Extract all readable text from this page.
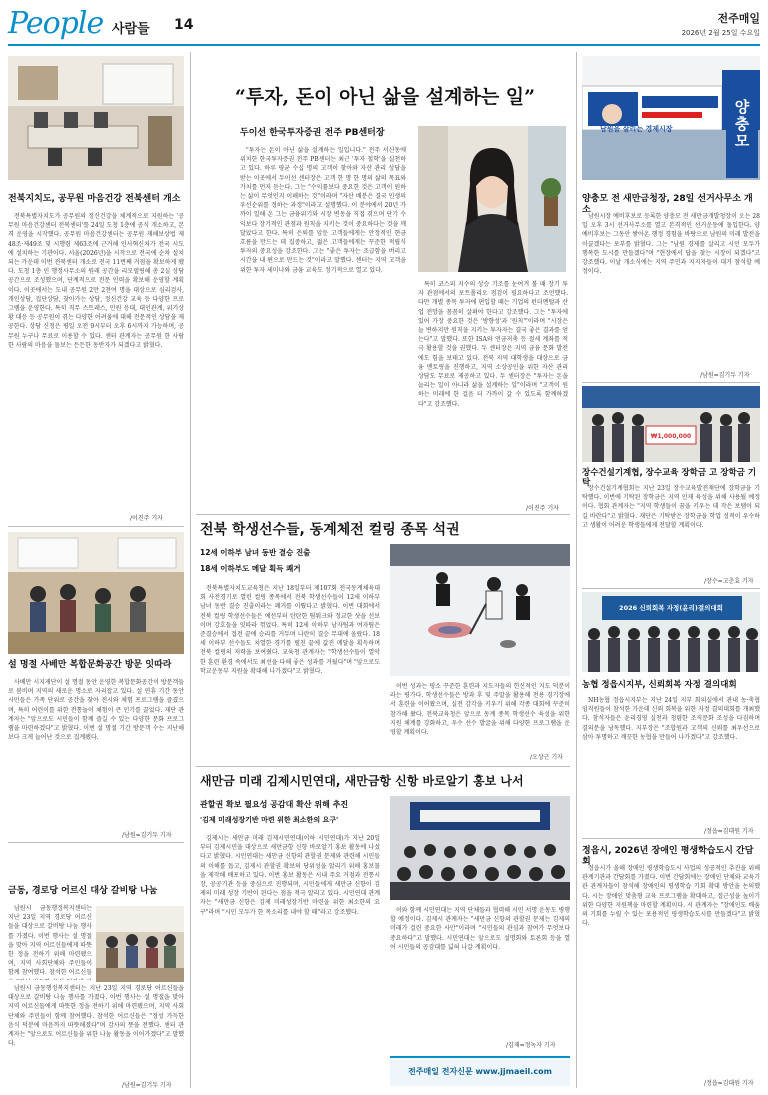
People 사람들 14	전주매일
2026년 2월 25일 수요일
전북지치도, 공무원 마음건강 전북센터 개소

전북특별자치도가 공무원의 정신건강을 체계적으로 지원하는 '공무원 마음건강센터 전북센터'를 24일 도청 1층에 공식 개소하고, 본격 운영을 시작했다. 공무원 마음건강센터는 공무원 재해보상법 제48조·제49조 및 시행령 제63조에 근거해 인사혁신처가 전국 시도에 설치하는 기관이다. 서울(2026년)을 시작으로 전국에 순차 설치되는 가운데 이번 전북센터 개소로 전국 11번째 거점을 확보하게 됐다. 도청 1층 인 행정사무소의 원래 공간을 리모델링해 총 2실 상담공간으로 조성했으며, 단계적으로 전문 인력을 확보해 운영할 계획이다. 이곳에서는 도내 공무원 2만 2천여 명을 대상으로 심리검사, 개인상담, 집단상담, 찾아가는 상담, 정신건강 교육 등 다양한 프로그램을 운영한다. 특히 직무 스트레스, 민원 응대, 대인관계, 위기상황 대응 등 공무원이 겪는 다양한 어려움에 대해 전문적인 상담을 제공한다. 상담 신청은 평일 오전 9시부터 오후 6시까지 가능하며, 공무원 누구나 무료로 이용할 수 있다. 센터 관계자는 공무원 한 사람 한 사람의 마음을 돌보는 든든한 동반자가 되겠다고 밝혔다.

/이진주 기자
설 명절 사베만 복합문화공간 방문 잇따라

사베만 시지재단이 설 명절 동안 운영한 복합문화공간이 방문객들로 붐비며 지역의 새로운 명소로 자리잡고 있다. 설 연휴 기간 동안 시민들은 가족 단위로 공간을 찾아 전시와 체험 프로그램을 즐겼으며, 특히 어린이를 위한 전통놀이 체험이 큰 인기를 끌었다. 재단 관계자는 "앞으로도 시민들이 함께 즐길 수 있는 다양한 문화 프로그램을 마련하겠다"고 밝혔다. 이번 설 명절 기간 방문객 수는 지난해보다 크게 늘어난 것으로 집계됐다.

/남원=김기두 기자
금동, 경로당 어르신 대상 갈비탕 나눔

남원시 금동행정복지센터는 지난 23일 지역 경로당 어르신들을 대상으로 갈비탕 나눔 행사를 가졌다. 이번 행사는 설 명절을 맞아 지역 어르신들에게 따뜻한 정을 전하기 위해 마련됐으며, 지역 사회단체와 주민들이 함께 참여했다. 참석한 어르신들

남원시 금동행정복지센터는 지난 23일 지역 경로당 어르신들을 대상으로 갈비탕 나눔 행사를 가졌다. 이번 행사는 설 명절을 맞아 지역 어르신들에게 따뜻한 정을 전하기 위해 마련됐으며, 지역 사회단체와 주민들이 함께 참여했다. 참석한 어르신들은 "정성 가득한 음식 덕분에 마음까지 따뜻해졌다"며 감사의 뜻을 전했다. 센터 관계자는 "앞으로도 어르신들을 위한 나눔 활동을 이어가겠다"고 말했다.

/남원=김기두 기자
“투자, 돈이 아닌 삶을 설계하는 일”
두이선 한국투자증권 전주 PB센터장

"투자는 돈이 아닌 삶을 설계하는 일입니다." 전주 서신동에 위치한 한국투자증권 전주 PB센터는 최근 '투자 철학'을 실천하고 있다. 하루 평균 수십 명의 고객이 찾아와 자산 관리 상담을 받는 이곳에서 두이선 센터장은 고객 한 명 한 명의 삶의 목표와 가치를 먼저 듣는다. 그는 "수익률보다 중요한 것은 고객이 원하는 삶이 무엇인지 이해하는 것"이라며 "자산 배분은 결국 인생의 우선순위를 정하는 과정"이라고 설명했다. 이 분야에서 20년 가까이 일해 온 그는 금융위기와 시장 변동을 직접 겪으며 단기 수익보다 장기적인 관점과 원칙을 지키는 것이 중요하다는 것을 깨달았다고 한다. 특히 은퇴를 앞둔 고객들에게는 안정적인 현금 흐름을 만드는 데 집중하고, 젊은 고객들에게는 꾸준한 적립식 투자의 중요성을 강조한다. 그는 "좋은 투자는 조급함을 버리고 시간을 내 편으로 만드는 것"이라고 말했다. 센터는 지역 고객을 위한 투자 세미나와 금융 교육도 정기적으로 열고 있다.

특히 코스피 지수의 상승 기조를 눈여겨 볼 때 장기 투자 관점에서의 포트폴리오 점검이 필요하다고 조언했다. 다만 개별 종목 투자에 편입할 때는 기업의 펀더멘털과 산업 전망을 꼼꼼히 살펴야 한다고 강조했다. 그는 "투자에 있어 가장 중요한 것은 '방향성'과 '원칙'"이라며 "시장은 늘 변하지만 원칙을 지키는 투자자는 결국 좋은 결과를 얻는다"고 말했다. 또한 ISA와 연금저축 등 절세 계좌를 적극 활용할 것을 권했다. 두 센터장은 지역 금융 문화 발전에도 힘을 보태고 있다. 전북 지역 대학생을 대상으로 금융 멘토링을 진행하고, 지역 소상공인을 위한 자산 관리 상담도 무료로 제공하고 있다. 두 센터장은 "투자는 돈을 늘리는 일이 아니라 삶을 설계하는 일"이라며 "고객이 원하는 미래에 한 걸음 더 가까이 갈 수 있도록 함께하겠다"고 강조했다.

/이진주 기자
전북 학생선수들, 동계체전 컬링 종목 석권
12세 이하부 남녀 동반 결승 진출
18세 이하부도 메달 획득 쾌거

전북특별자치도교육청은 지난 18일부터 제107회 전국동계체육대회 사전경기로 열린 컬링 종목에서 전북 학생선수들이 12세 이하부 남녀 동반 결승 진출이라는 쾌거를 이뤘다고 밝혔다. 이번 대회에서 전북 컬링 학생선수들은 예선부터 탄탄한 팀워크와 정교한 샷을 선보이며 강호들을 잇따라 꺾었다. 특히 12세 이하부 남자팀과 여자팀은 준결승에서 접전 끝에 승리를 거두며 나란히 결승 무대에 올랐다. 18세 이하부 선수들도 치열한 경기를 펼친 끝에 값진 메달을 획득하며 전북 컬링의 저력을 보여줬다. 교육청 관계자는 "학생선수들이 열악한 훈련 환경 속에서도 최선을 다해 좋은 성과를 거뒀다"며 "앞으로도 학교운동부 지원을 확대해 나가겠다"고 밝혔다.

이번 성과는 평소 꾸준한 훈련과 지도자들의 헌신적인 지도 덕분이라는 평가다. 학생선수들은 방과 후 및 주말을 활용해 전용 경기장에서 훈련을 이어왔으며, 실전 감각을 키우기 위해 각종 대회에 꾸준히 참가해 왔다. 전북교육청은 앞으로 동계 종목 학생선수 육성을 위한 지원 체계를 강화하고, 우수 선수 발굴을 위해 다양한 프로그램을 운영할 계획이다.

/오상근 기자
새만금 미래 김제시민연대, 새만금항 신항 바로알기 홍보 나서
관할권 확보 필요성 공감대 확산 위해 추진
'김제 미래성장기반 마련 위한 최소한의 요구'

김제시는 새만금 미래 김제시민연대(이하 시민연대)가 지난 20일부터 김제시민을 대상으로 새만금항 신항 바로알기 홍보 활동에 나섰다고 밝혔다. 시민연대는 새만금 신항의 관할권 문제와 관련해 시민들의 이해를 돕고, 김제시 관할권 확보의 당위성을 알리기 위해 홍보물을 제작해 배포하고 있다. 이번 홍보 활동은 시내 주요 거점과 전통시장, 공공기관 등을 중심으로 진행되며, 시민들에게 새만금 신항이 김제의 미래 성장 기반이 된다는 점을 적극 알리고 있다. 시민연대 관계자는 "새만금 신항은 김제 미래성장기반 마련을 위한 최소한의 요구"라며 "시민 모두가 한 목소리를 내야 할 때"라고 강조했다.	이와 함께 시민연대는 지역 단체들과 협력해 시민 서명 운동도 병행할 예정이다. 김제시 관계자는 "새만금 신항의 관할권 문제는 김제의 미래가 걸린 중요한 사안"이라며 "시민들의 관심과 참여가 무엇보다 중요하다"고 말했다. 시민연대는 앞으로도 설명회와 토론회 등을 열어 시민들의 공감대를 넓혀 나갈 계획이다.

/김제=정녹자 기자
전주매일 전자신문 www.jjmaeil.com
양충모
남원을 살리는 경제시장
양충모 전 새만금청장, 28일 선거사무소 개소

남원시장 예비후보로 등록한 양충모 전 새만금개발청장이 오는 28일 오후 3시 선거사무소를 열고 본격적인 선거운동에 돌입한다. 양 예비후보는 그동안 쌓아온 행정 경험을 바탕으로 남원의 미래 발전을 이끌겠다는 포부를 밝혔다. 그는 "남원 경제를 살리고 시민 모두가 행복한 도시를 만들겠다"며 "현장에서 답을 찾는 시장이 되겠다"고 강조했다. 이날 개소식에는 지역 주민과 지지자들이 대거 참석할 예정이다.

/남원=김기두 기자
₩1,000,000
장수건설기계협, 장수교육 장학금 고 장학금 기탁

장수건설기계협회는 지난 23일 장수교육발전재단에 장학금을 기탁했다. 이번에 기탁된 장학금은 지역 인재 육성을 위해 사용될 예정이다. 협회 관계자는 "지역 학생들이 꿈을 키우는 데 작은 보탬이 되길 바란다"고 밝혔다. 재단은 기탁받은 장학금을 학업 성적이 우수하고 생활이 어려운 학생들에게 전달할 계획이다.

/장수=고춘효 기자
2026 신뢰회복 자정(윤리)결의대회
농협 정읍시지부, 신뢰회복 자정 결의대회

NH농협 정읍시지부는 지난 24일 지부 회의실에서 관내 농·축협 임직원들이 참석한 가운데 신뢰 회복을 위한 자정 결의대회를 개최했다. 참석자들은 윤리경영 실천과 청렴한 조직문화 조성을 다짐하며 결의문을 낭독했다. 지부장은 "조합원과 고객의 신뢰를 최우선으로 삼아 투명하고 깨끗한 농협을 만들어 나가겠다"고 강조했다.

/정읍=김대원 기자
정읍시, 2026년 장애인 평생학습도시 간담회

정읍시가 올해 장애인 평생학습도시 사업의 성공적인 추진을 위해 관계기관과 간담회를 가졌다. 이번 간담회에는 장애인 단체와 교육기관 관계자들이 참석해 장애인의 평생학습 기회 확대 방안을 논의했다. 시는 장애인 맞춤형 교육 프로그램을 확대하고, 접근성을 높이기 위한 다양한 지원책을 마련할 계획이다. 시 관계자는 "장애인도 배움의 기회를 누릴 수 있는 포용적인 평생학습도시를 만들겠다"고 밝혔다.

/정읍=김대원 기자
